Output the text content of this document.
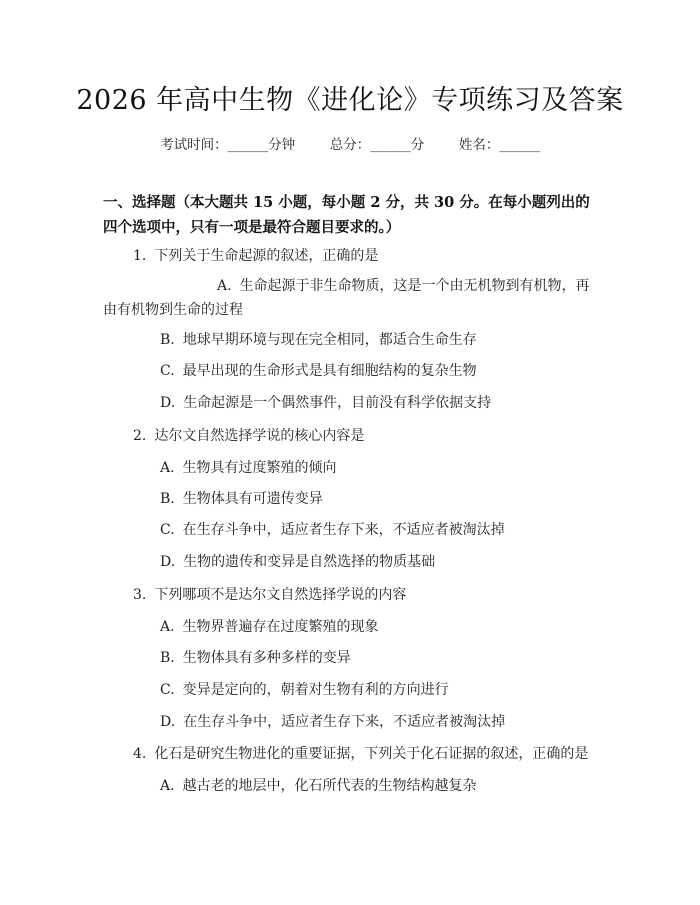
2026 年高中生物《进化论》专项练习及答案
考试时间：______分钟	总分：______分	姓名：______
一、选择题（本大题共 15 小题，每小题 2 分，共 30 分。在每小题列出的四个选项中，只有一项是最符合题目要求的。）
1. 下列关于生命起源的叙述，正确的是
A. 生命起源于非生命物质，这是一个由无机物到有机物，再由有机物到生命的过程
B. 地球早期环境与现在完全相同，都适合生命生存
C. 最早出现的生命形式是具有细胞结构的复杂生物
D. 生命起源是一个偶然事件，目前没有科学依据支持
2. 达尔文自然选择学说的核心内容是
A. 生物具有过度繁殖的倾向
B. 生物体具有可遗传变异
C. 在生存斗争中，适应者生存下来，不适应者被淘汰掉
D. 生物的遗传和变异是自然选择的物质基础
3. 下列哪项不是达尔文自然选择学说的内容
A. 生物界普遍存在过度繁殖的现象
B. 生物体具有多种多样的变异
C. 变异是定向的，朝着对生物有利的方向进行
D. 在生存斗争中，适应者生存下来，不适应者被淘汰掉
4. 化石是研究生物进化的重要证据，下列关于化石证据的叙述，正确的是
A. 越古老的地层中，化石所代表的生物结构越复杂
